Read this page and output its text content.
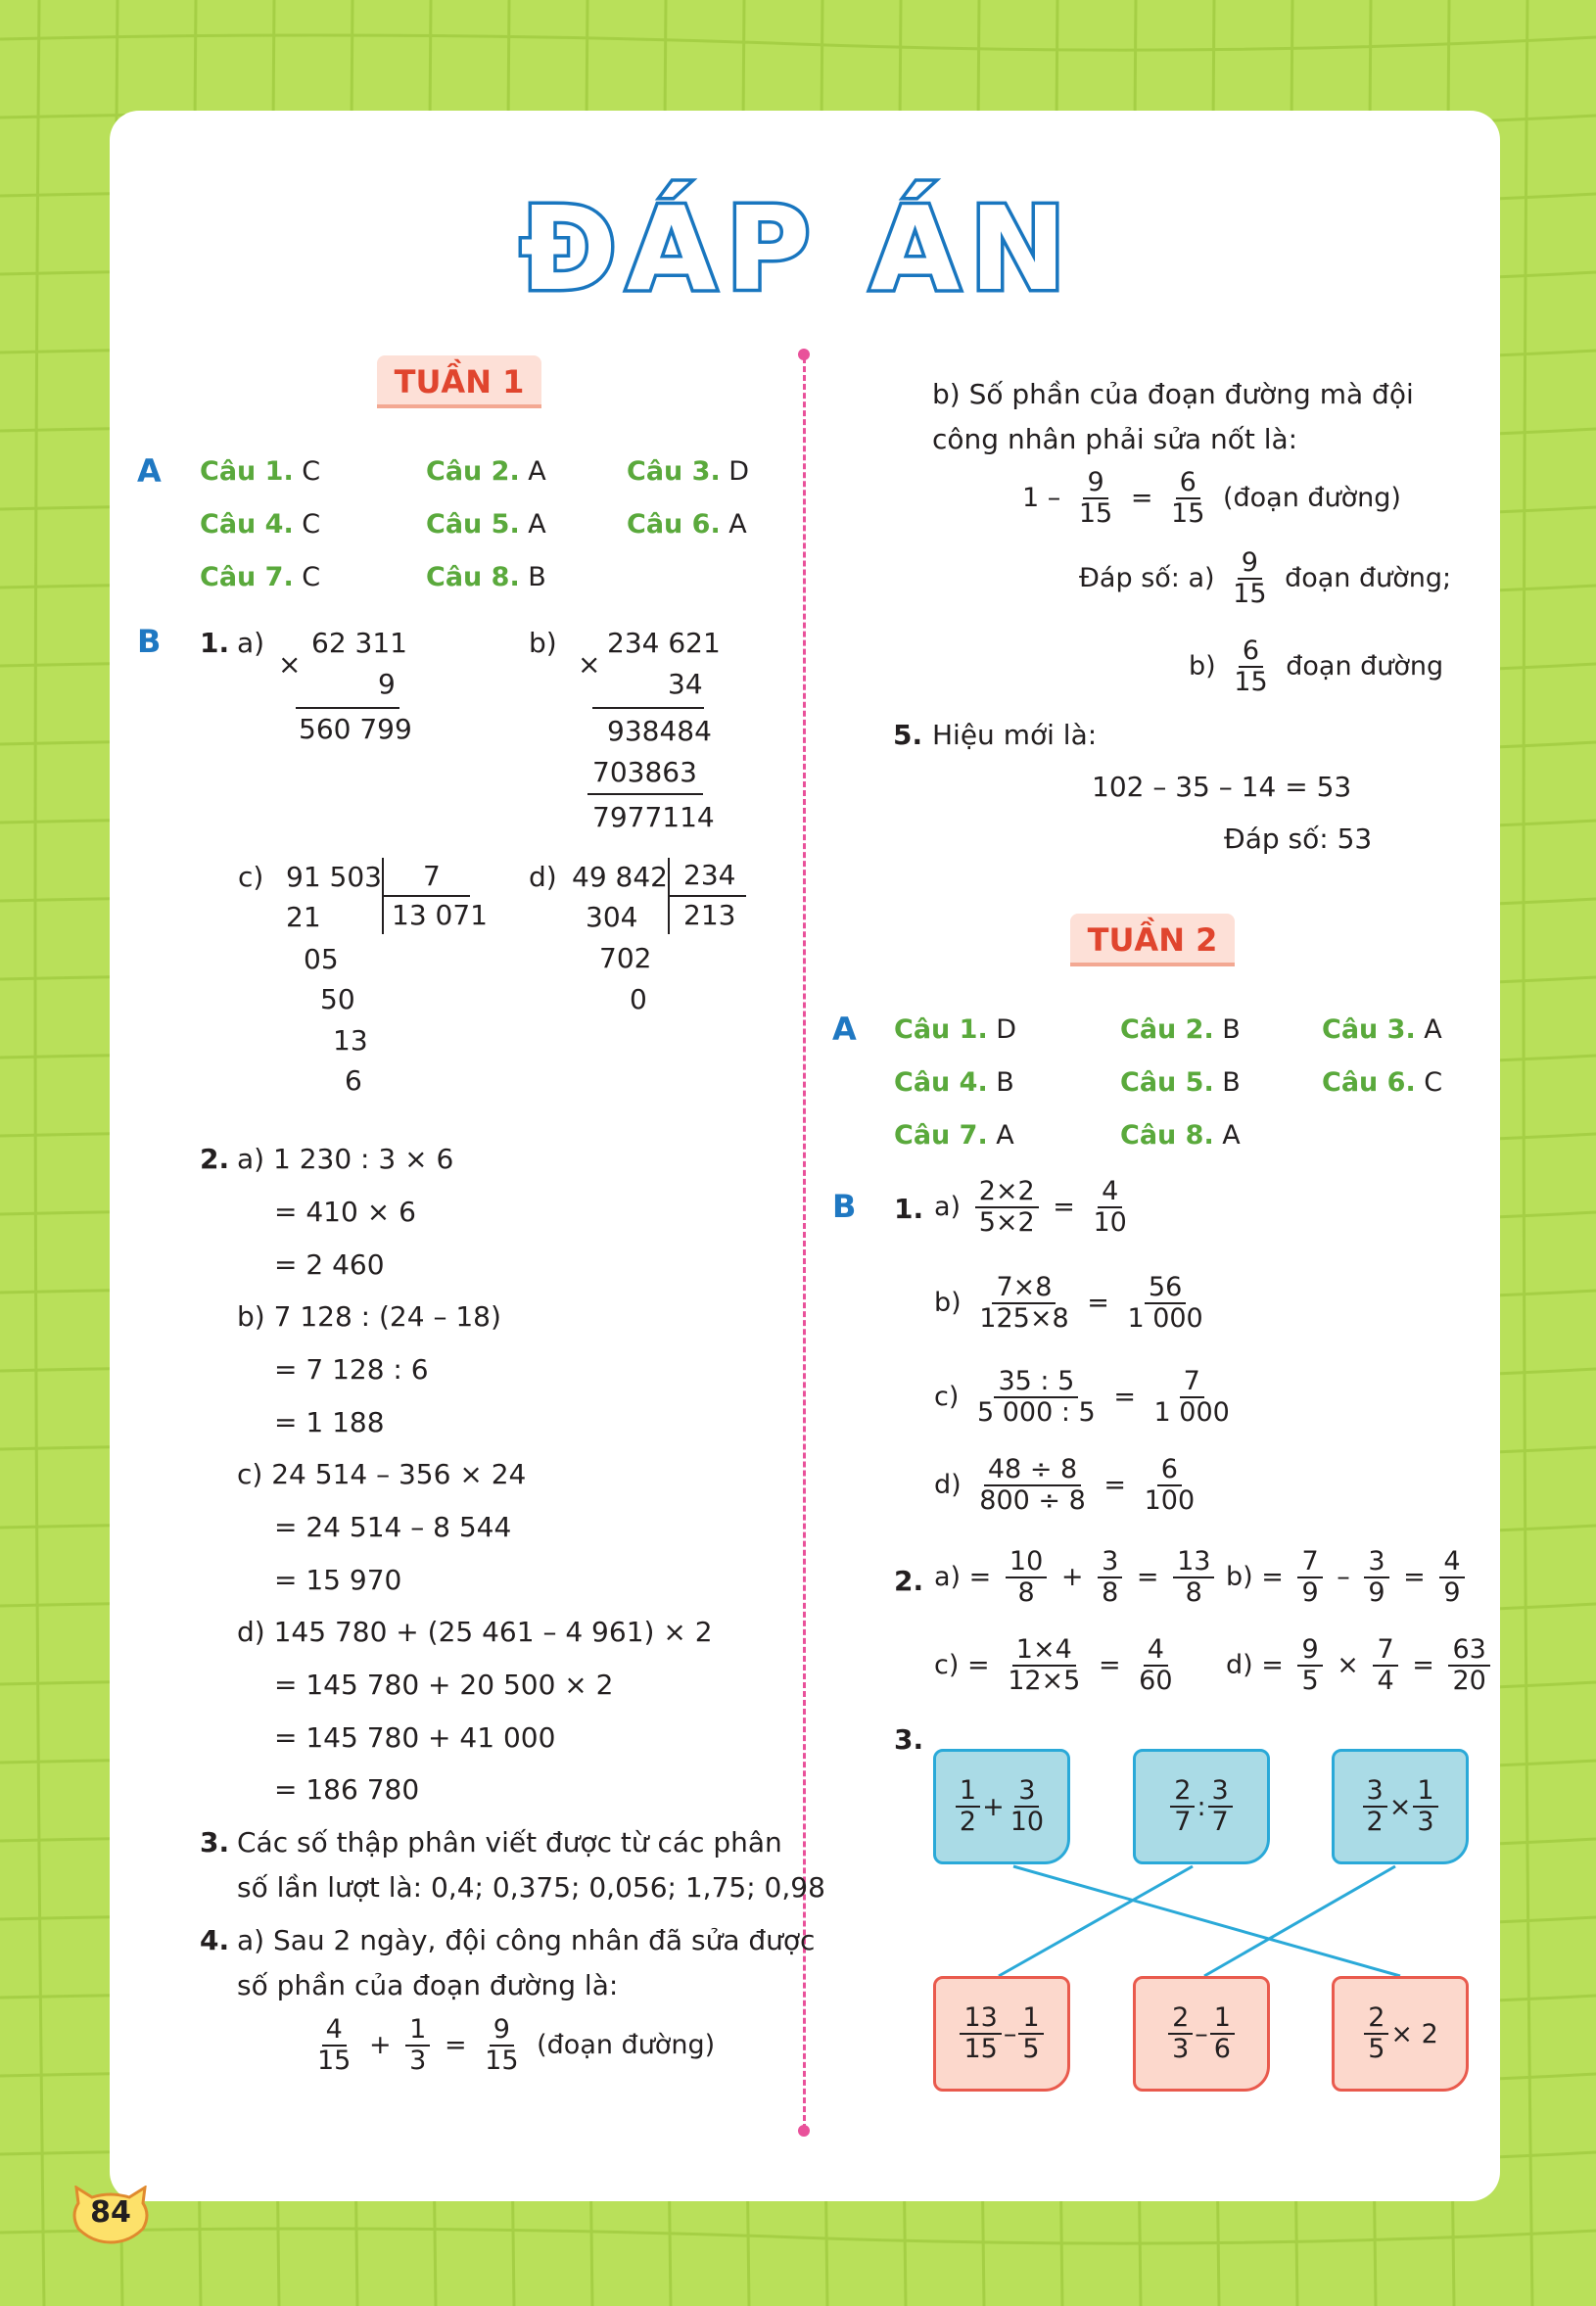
ĐÁP ÁN
TUẦN 1
A Câu 1. C	Câu 2. A	Câu 3. D
Câu 4. C	Câu 5. A	Câu 6. A
Câu 7. C	Câu 8. B
B 1. a)
×
62 311
9
560 799
b)
×
234 621
34
938484
703863
7977114
c) 91 503 7
13 071
21
05
50
13
6
d) 49 842 234
213
304
702
0
2. a) 1 230 : 3 × 6
= 410 × 6
= 2 460
b) 7 128 : (24 – 18)
= 7 128 : 6
= 1 188
c) 24 514 – 356 × 24
= 24 514 – 8 544
= 15 970
d) 145 780 + (25 461 – 4 961) × 2
= 145 780 + 20 500 × 2
= 145 780 + 41 000
= 186 780
3. Các số thập phân viết được từ các phân
số lần lượt là: 0,4; 0,375; 0,056; 1,75; 0,98
4. a) Sau 2 ngày, đội công nhân đã sửa được
số phần của đoạn đường là:
$\frac{4}{15} + \frac{1}{3} = \frac{9}{15}$ (đoạn đường)
b) Số phần của đoạn đường mà đội
công nhân phải sửa nốt là:
$1 - \frac{9}{15} = \frac{6}{15}$ (đoạn đường)
Đáp số: $a) \frac{9}{15}$ đoạn đường;
$b) \frac{6}{15}$ đoạn đường
5. Hiệu mới là:
102 – 35 – 14 = 53
Đáp số: 53
TUẦN 2
A Câu 1. D	Câu 2. B	Câu 3. A
Câu 4. B	Câu 5. B	Câu 6. C
Câu 7. A	Câu 8. A
B 1. $a) \frac{2\times 2}{5\times 2} = \frac{4}{10}$
$b) \frac{7\times 8}{125\times 8} = \frac{56}{1 000}$
$c) \frac{35 : 5}{5 000 : 5} = \frac{7}{1 000}$
$d) \frac{48 \div 8}{800 \div 8} = \frac{6}{100}$
2. $a) = \frac{10}{8} + \frac{3}{8} = \frac{13}{8} b) = \frac{7}{9} - \frac{3}{9} = \frac{4}{9}$
$c) = \frac{1\times 4}{12\times 5} = \frac{4}{60} d) = \frac{9}{5} \times \frac{7}{4} = \frac{63}{20}$
3.
$\frac{1}{2} + \frac{3}{10}$	$\frac{2}{7}$ : $\frac{3}{7}$	$\frac{3}{2} \times \frac{1}{3}$
$\frac{13}{15} - \frac{1}{5}$	$\frac{2}{3} - \frac{1}{6}$	$\frac{2}{5} \times 2$
84
